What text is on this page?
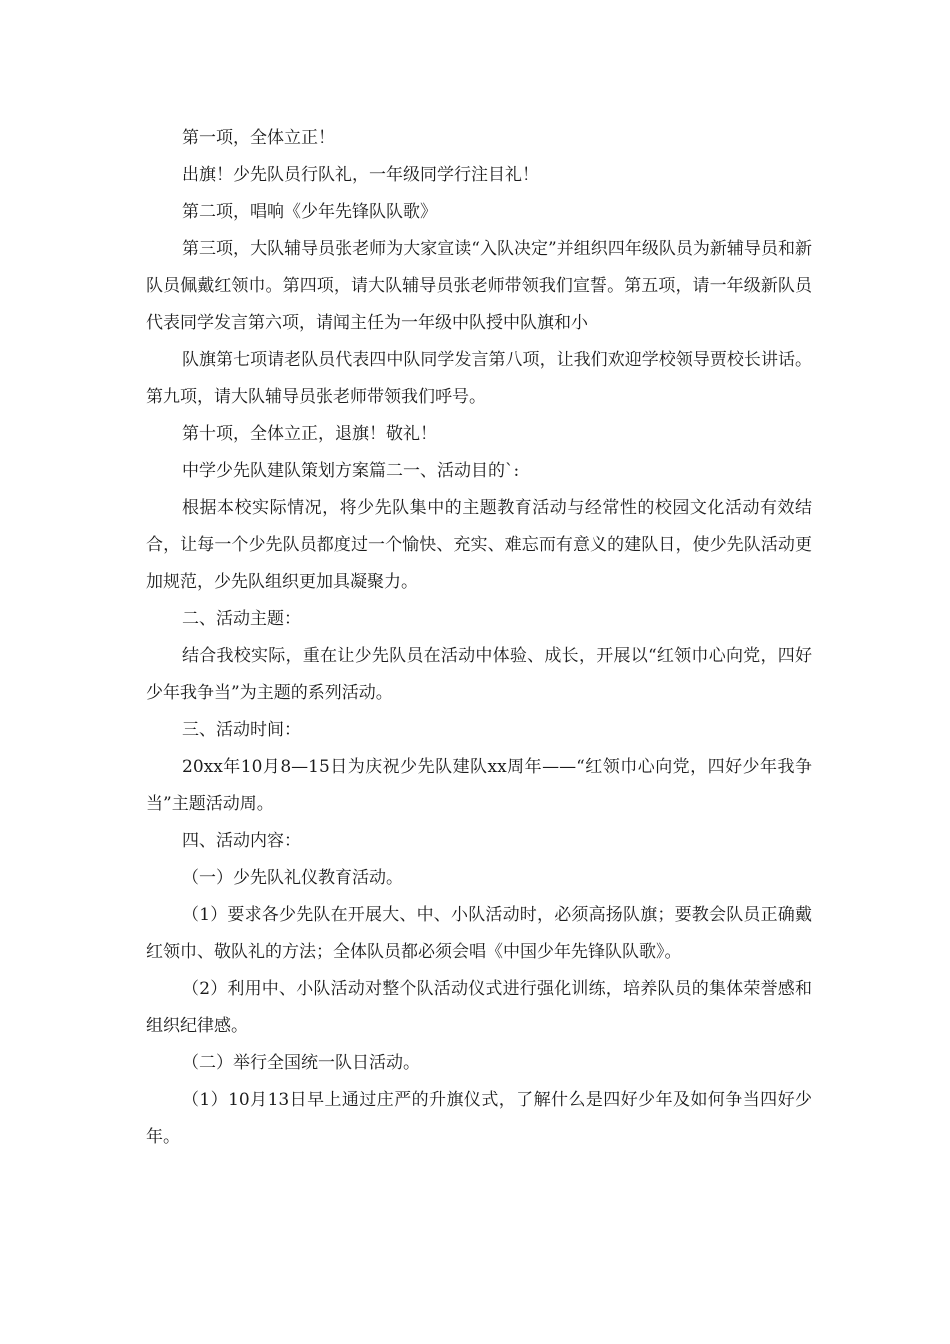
第一项，全体立正！

出旗！少先队员行队礼，一年级同学行注目礼！

第二项，唱响《少年先锋队队歌》

第三项，大队辅导员张老师为大家宣读“入队决定”并组织四年级队员为新辅导员和新队员佩戴红领巾。第四项，请大队辅导员张老师带领我们宣誓。第五项，请一年级新队员代表同学发言第六项，请闻主任为一年级中队授中队旗和小

队旗第七项请老队员代表四中队同学发言第八项，让我们欢迎学校领导贾校长讲话。第九项，请大队辅导员张老师带领我们呼号。

第十项，全体立正，退旗！敬礼！

中学少先队建队策划方案篇二一、活动目的`:

根据本校实际情况，将少先队集中的主题教育活动与经常性的校园文化活动有效结合，让每一个少先队员都度过一个愉快、充实、难忘而有意义的建队日，使少先队活动更加规范，少先队组织更加具凝聚力。

二、活动主题：

结合我校实际，重在让少先队员在活动中体验、成长，开展以“红领巾心向党，四好少年我争当”为主题的系列活动。

三、活动时间：

20xx年10月8—15日为庆祝少先队建队xx周年——“红领巾心向党，四好少年我争当”主题活动周。

四、活动内容：

（一）少先队礼仪教育活动。

（1）要求各少先队在开展大、中、小队活动时，必须高扬队旗；要教会队员正确戴红领巾、敬队礼的方法；全体队员都必须会唱《中国少年先锋队队歌》。

（2）利用中、小队活动对整个队活动仪式进行强化训练，培养队员的集体荣誉感和组织纪律感。

（二）举行全国统一队日活动。

（1）10月13日早上通过庄严的升旗仪式，了解什么是四好少年及如何争当四好少年。
